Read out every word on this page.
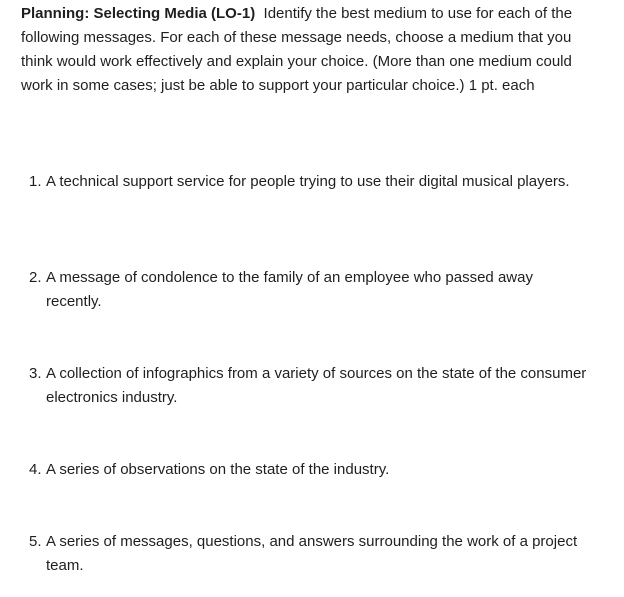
Planning: Selecting Media (LO-1) Identify the best medium to use for each of the following messages. For each of these message needs, choose a medium that you think would work effectively and explain your choice. (More than one medium could work in some cases; just be able to support your particular choice.) 1 pt. each

1. A technical support service for people trying to use their digital musical players.
2. A message of condolence to the family of an employee who passed away recently.
3. A collection of infographics from a variety of sources on the state of the consumer electronics industry.
4. A series of observations on the state of the industry.
5. A series of messages, questions, and answers surrounding the work of a project team.
